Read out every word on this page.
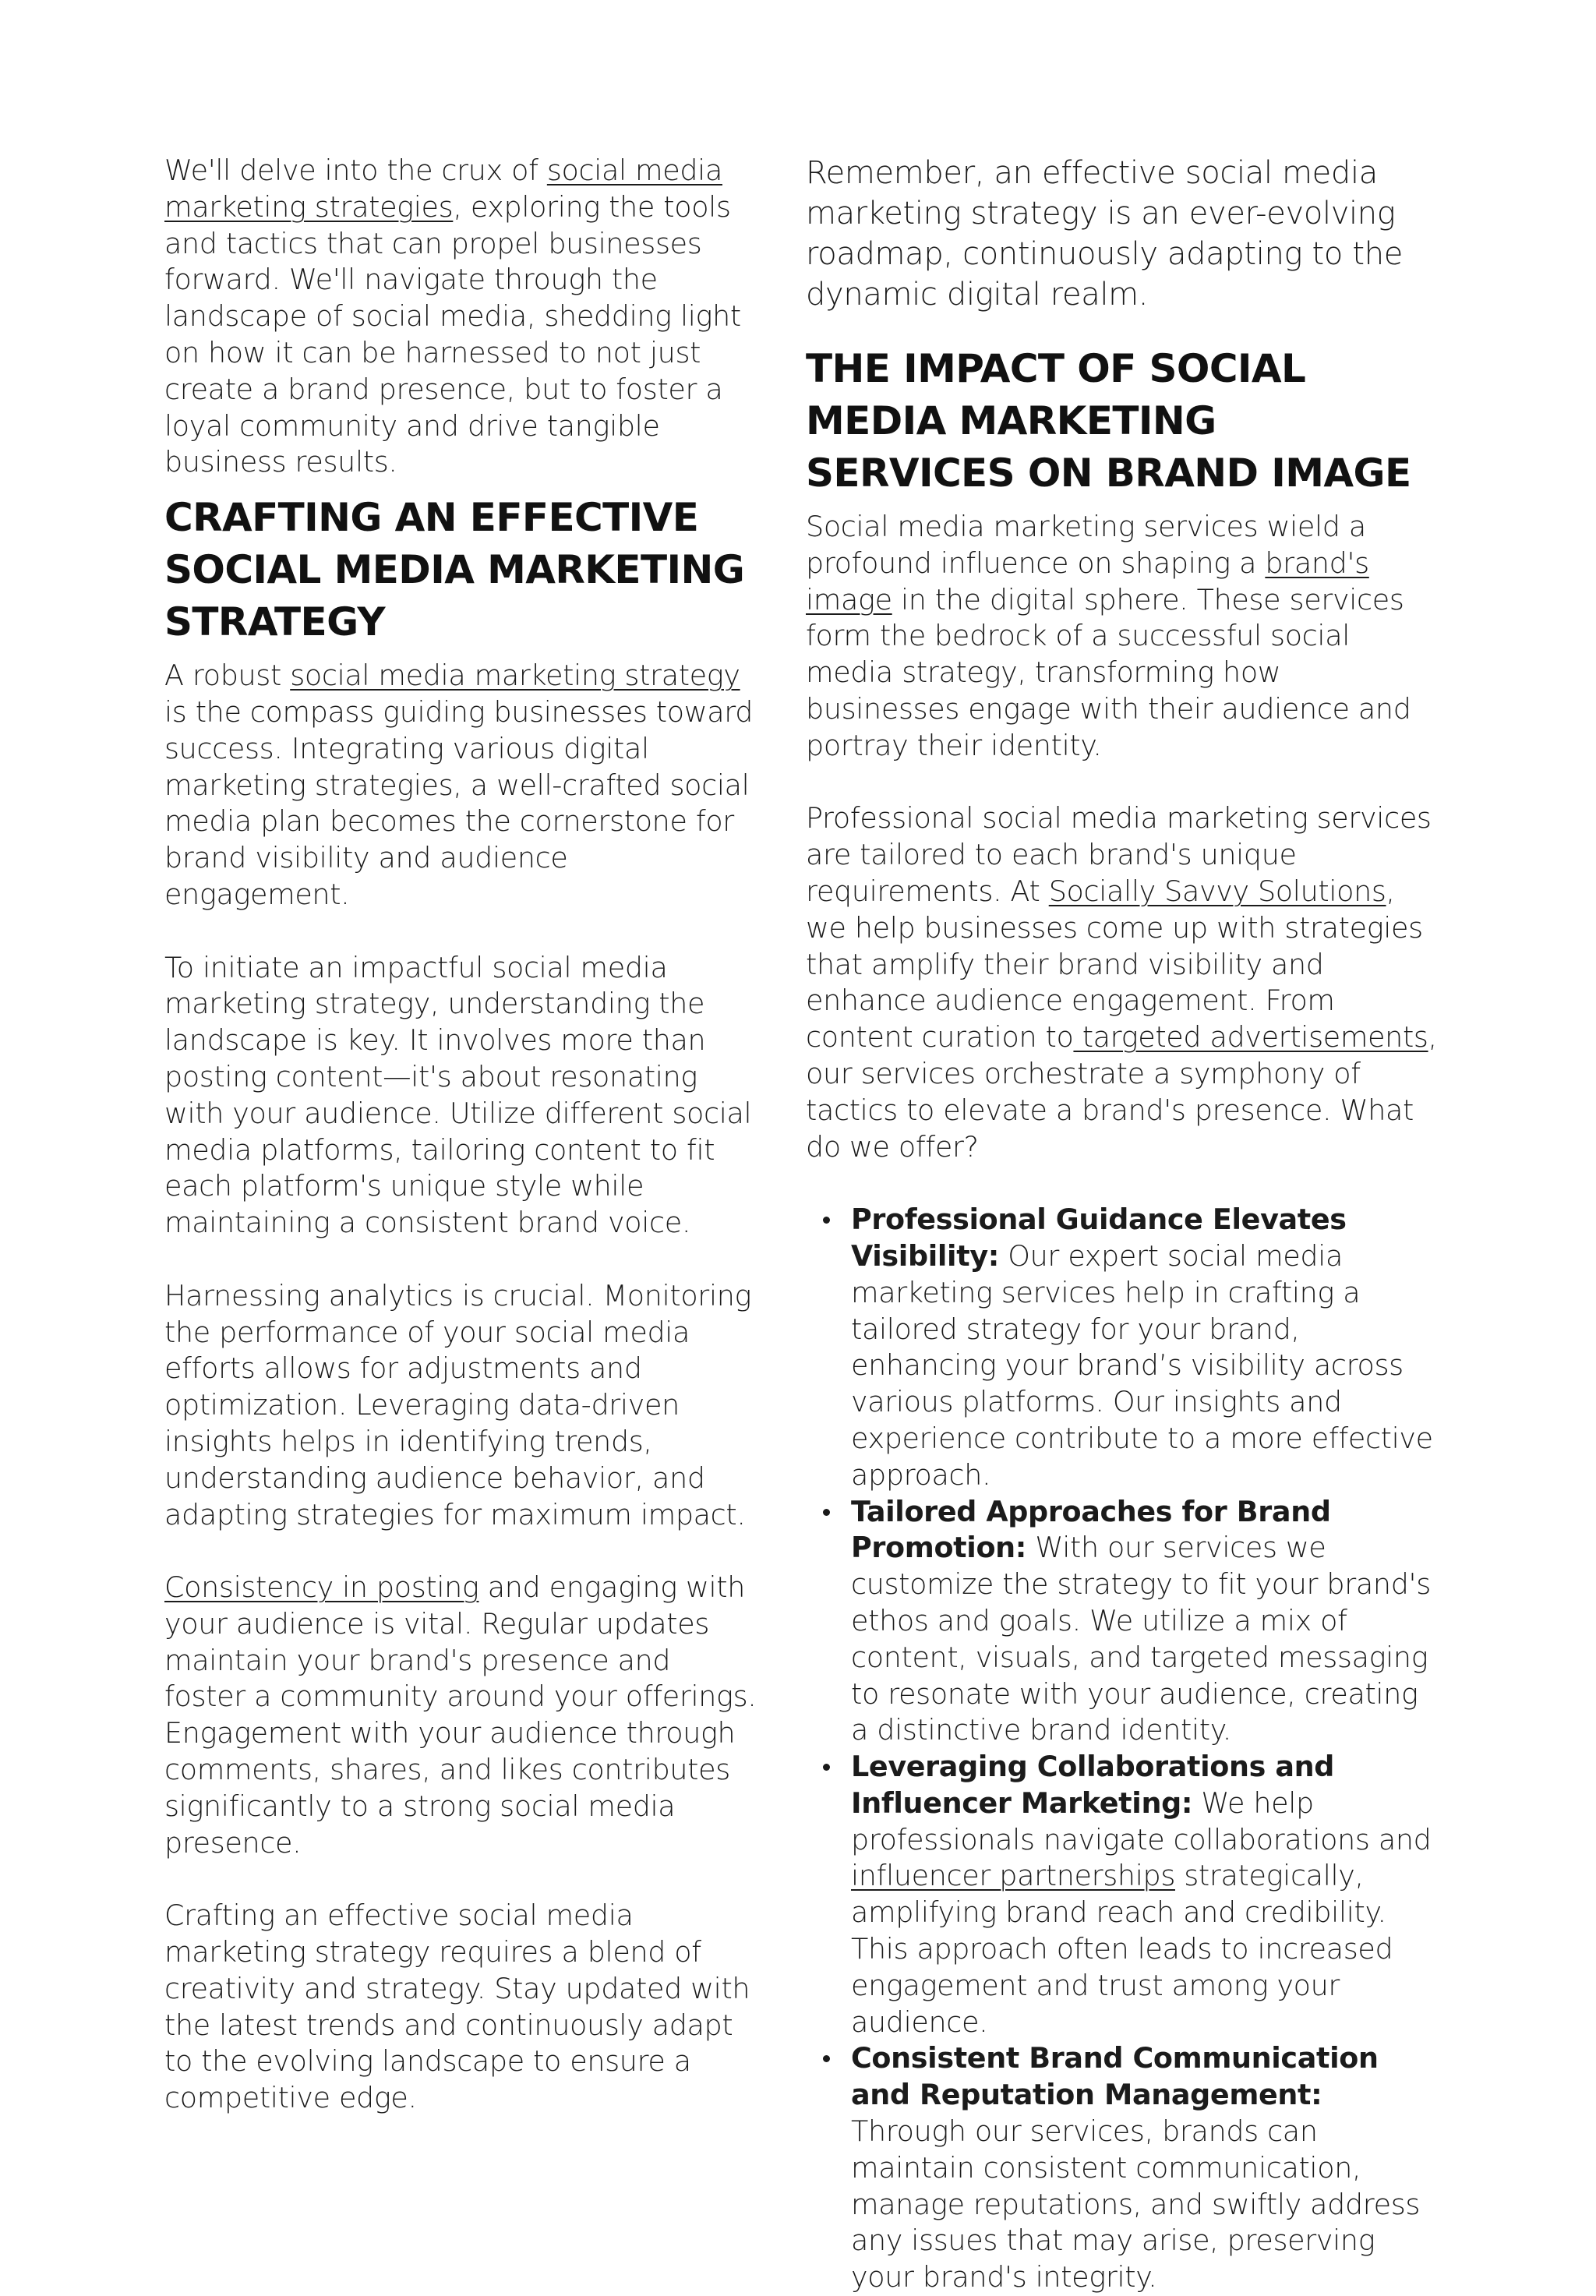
We'll delve into the crux of social media marketing strategies, exploring the tools and tactics that can propel businesses forward. We'll navigate through the landscape of social media, shedding light on how it can be harnessed to not just create a brand presence, but to foster a loyal community and drive tangible business results.

CRAFTING AN EFFECTIVE SOCIAL MEDIA MARKETING STRATEGY

A robust social media marketing strategy is the compass guiding businesses toward success. Integrating various digital marketing strategies, a well-crafted social media plan becomes the cornerstone for brand visibility and audience engagement.

To initiate an impactful social media marketing strategy, understanding the landscape is key. It involves more than posting content—it's about resonating with your audience. Utilize different social media platforms, tailoring content to fit each platform's unique style while maintaining a consistent brand voice.

Harnessing analytics is crucial. Monitoring the performance of your social media efforts allows for adjustments and optimization. Leveraging data-driven insights helps in identifying trends, understanding audience behavior, and adapting strategies for maximum impact.

Consistency in posting and engaging with your audience is vital. Regular updates maintain your brand's presence and foster a community around your offerings. Engagement with your audience through comments, shares, and likes contributes significantly to a strong social media presence.

Crafting an effective social media marketing strategy requires a blend of creativity and strategy. Stay updated with the latest trends and continuously adapt to the evolving landscape to ensure a competitive edge.

Remember, an effective social media marketing strategy is an ever-evolving roadmap, continuously adapting to the dynamic digital realm.

THE IMPACT OF SOCIAL MEDIA MARKETING SERVICES ON BRAND IMAGE

Social media marketing services wield a profound influence on shaping a brand's image in the digital sphere. These services form the bedrock of a successful social media strategy, transforming how businesses engage with their audience and portray their identity.

Professional social media marketing services are tailored to each brand's unique requirements. At Socially Savvy Solutions, we help businesses come up with strategies that amplify their brand visibility and enhance audience engagement. From content curation to targeted advertisements, our services orchestrate a symphony of tactics to elevate a brand's presence. What do we offer?

Professional Guidance Elevates Visibility: Our expert social media marketing services help in crafting a tailored strategy for your brand, enhancing your brand’s visibility across various platforms. Our insights and experience contribute to a more effective approach.
Tailored Approaches for Brand Promotion: With our services we customize the strategy to fit your brand's ethos and goals. We utilize a mix of content, visuals, and targeted messaging to resonate with your audience, creating a distinctive brand identity.
Leveraging Collaborations and Influencer Marketing: We help professionals navigate collaborations and influencer partnerships strategically, amplifying brand reach and credibility. This approach often leads to increased engagement and trust among your audience.
Consistent Brand Communication and Reputation Management: Through our services, brands can maintain consistent communication, manage reputations, and swiftly address any issues that may arise, preserving your brand's integrity.
